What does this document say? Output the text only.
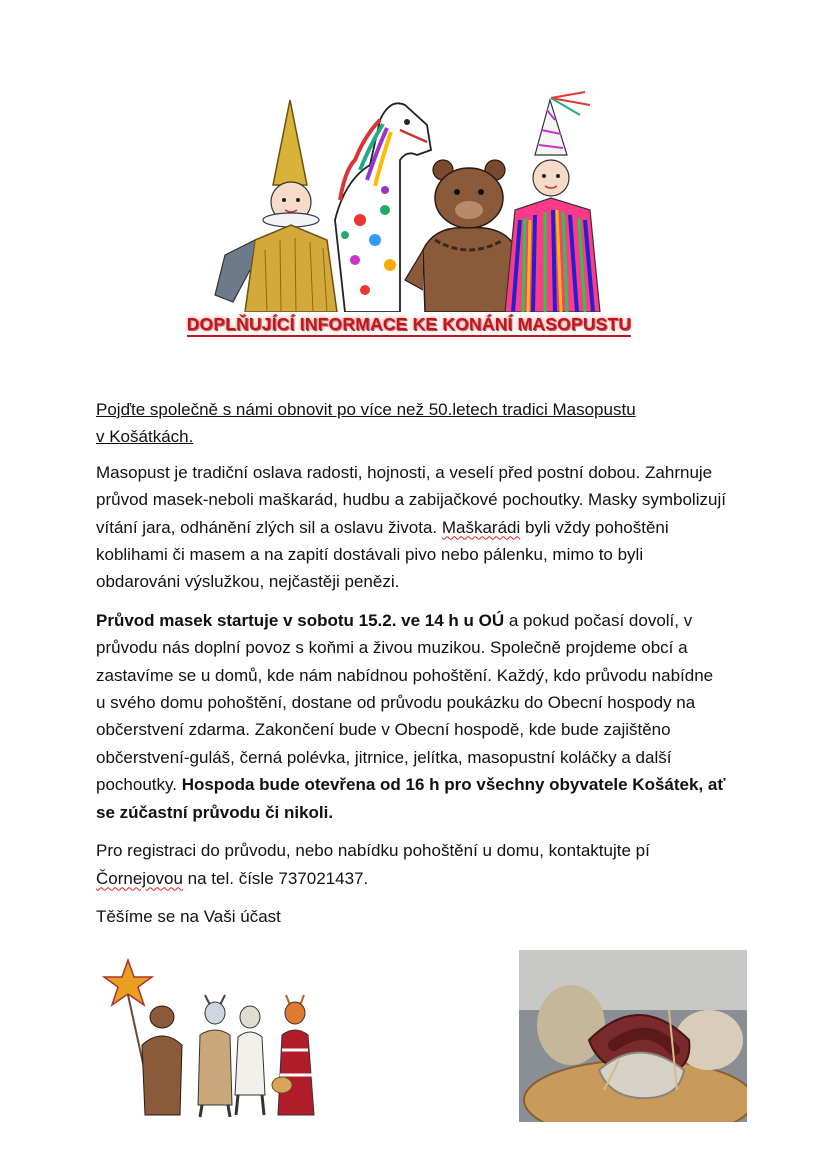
DOPLŇUJÍCÍ INFORMACE KE KONÁNÍ MASOPUSTU

Pojďte společně s námi obnovit po více než 50.letech tradici Masopustu
v Košátkách.

Masopust je tradiční oslava radosti, hojnosti, a veselí před postní dobou. Zahrnuje průvod masek-neboli maškarád, hudbu a zabijačkové pochoutky. Masky symbolizují vítání jara, odhánění zlých sil a oslavu života. Maškarádi byli vždy pohoštěni koblihami či masem a na zapití dostávali pivo nebo pálenku, mimo to byli obdarováni výslužkou, nejčastěji penězi.

Průvod masek startuje v sobotu 15.2. ve 14 h u OÚ a pokud počasí dovolí, v průvodu nás doplní povoz s koňmi a živou muzikou. Společně projdeme obcí a zastavíme se u domů, kde nám nabídnou pohoštění. Každý, kdo průvodu nabídne u svého domu pohoštění, dostane od průvodu poukázku do Obecní hospody na občerstvení zdarma. Zakončení bude v Obecní hospodě, kde bude zajištěno občerstvení-guláš, černá polévka, jitrnice, jelítka, masopustní koláčky a další pochoutky. Hospoda bude otevřena od 16 h pro všechny obyvatele Košátek, ať se zúčastní průvodu či nikoli.

Pro registraci do průvodu, nebo nabídku pohoštění u domu, kontaktujte pí Čornejovou na tel. čísle 737021437.

Těšíme se na Vaši účast
